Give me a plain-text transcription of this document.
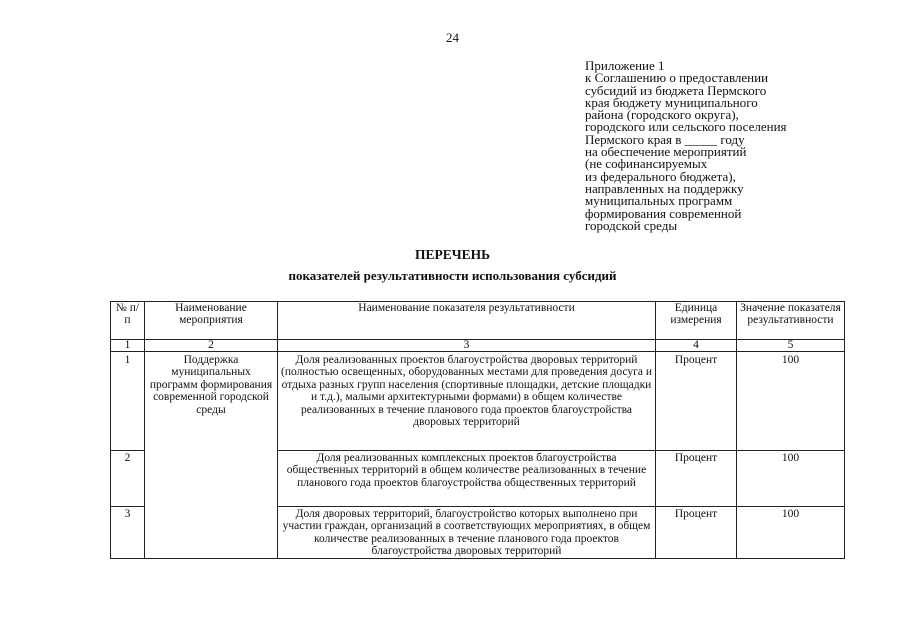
24
Приложение 1
к Соглашению о предоставлении
субсидий из бюджета Пермского
края бюджету муниципального
района (городского округа),
городского или сельского поселения
Пермского края в _____ году
на обеспечение мероприятий
(не софинансируемых
из федерального бюджета),
направленных на поддержку
муниципальных программ
формирования современной
городской среды
ПЕРЕЧЕНЬ
показателей результативности использования субсидий
№ п/п	Наименование мероприятия	Наименование показателя результативности	Единица измерения	Значение показателя результативности
1	2	3	4	5
1	Поддержка муниципальных программ формирования современной городской среды	Доля реализованных проектов благоустройства дворовых территорий (полностью освещенных, оборудованных местами для проведения досуга и отдыха разных групп населения (спортивные площадки, детские площадки и т.д.), малыми архитектурными формами) в общем количестве реализованных в течение планового года проектов благоустройства дворовых территорий	Процент	100
2		Доля реализованных комплексных проектов благоустройства общественных территорий в общем количестве реализованных в течение планового года проектов благоустройства общественных территорий	Процент	100
3		Доля дворовых территорий, благоустройство которых выполнено при участии граждан, организаций в соответствующих мероприятиях, в общем количестве реализованных в течение планового года проектов благоустройства дворовых территорий	Процент	100
